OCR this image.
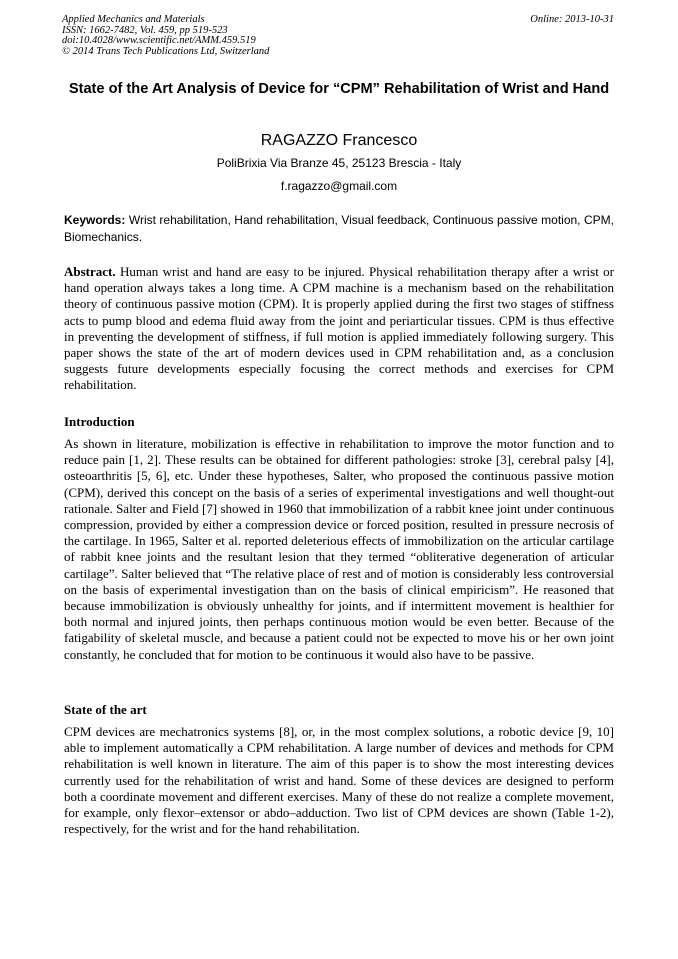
Applied Mechanics and Materials
ISSN: 1662-7482, Vol. 459, pp 519-523
doi:10.4028/www.scientific.net/AMM.459.519
© 2014 Trans Tech Publications Ltd, Switzerland
Online: 2013-10-31
State of the Art Analysis of Device for “CPM” Rehabilitation of Wrist and Hand
RAGAZZO Francesco
PoliBrixia Via Branze 45, 25123 Brescia - Italy
f.ragazzo@gmail.com
Keywords: Wrist rehabilitation, Hand rehabilitation, Visual feedback, Continuous passive motion, CPM, Biomechanics.
Abstract. Human wrist and hand are easy to be injured. Physical rehabilitation therapy after a wrist or hand operation always takes a long time. A CPM machine is a mechanism based on the rehabilitation theory of continuous passive motion (CPM). It is properly applied during the first two stages of stiffness acts to pump blood and edema fluid away from the joint and periarticular tissues. CPM is thus effective in preventing the development of stiffness, if full motion is applied immediately following surgery. This paper shows the state of the art of modern devices used in CPM rehabilitation and, as a conclusion suggests future developments especially focusing the correct methods and exercises for CPM rehabilitation.
Introduction
As shown in literature, mobilization is effective in rehabilitation to improve the motor function and to reduce pain [1, 2]. These results can be obtained for different pathologies: stroke [3], cerebral palsy [4], osteoarthritis [5, 6], etc. Under these hypotheses, Salter, who proposed the continuous passive motion (CPM), derived this concept on the basis of a series of experimental investigations and well thought-out rationale. Salter and Field [7] showed in 1960 that immobilization of a rabbit knee joint under continuous compression, provided by either a compression device or forced position, resulted in pressure necrosis of the cartilage. In 1965, Salter et al. reported deleterious effects of immobilization on the articular cartilage of rabbit knee joints and the resultant lesion that they termed “obliterative degeneration of articular cartilage”. Salter believed that “The relative place of rest and of motion is considerably less controversial on the basis of experimental investigation than on the basis of clinical empiricism”. He reasoned that because immobilization is obviously unhealthy for joints, and if intermittent movement is healthier for both normal and injured joints, then perhaps continuous motion would be even better. Because of the fatigability of skeletal muscle, and because a patient could not be expected to move his or her own joint constantly, he concluded that for motion to be continuous it would also have to be passive.
State of the art
CPM devices are mechatronics systems [8], or, in the most complex solutions, a robotic device [9, 10] able to implement automatically a CPM rehabilitation. A large number of devices and methods for CPM rehabilitation is well known in literature. The aim of this paper is to show the most interesting devices currently used for the rehabilitation of wrist and hand. Some of these devices are designed to perform both a coordinate movement and different exercises. Many of these do not realize a complete movement, for example, only flexor–extensor or abdo–adduction. Two list of CPM devices are shown (Table 1-2), respectively, for the wrist and for the hand rehabilitation.
